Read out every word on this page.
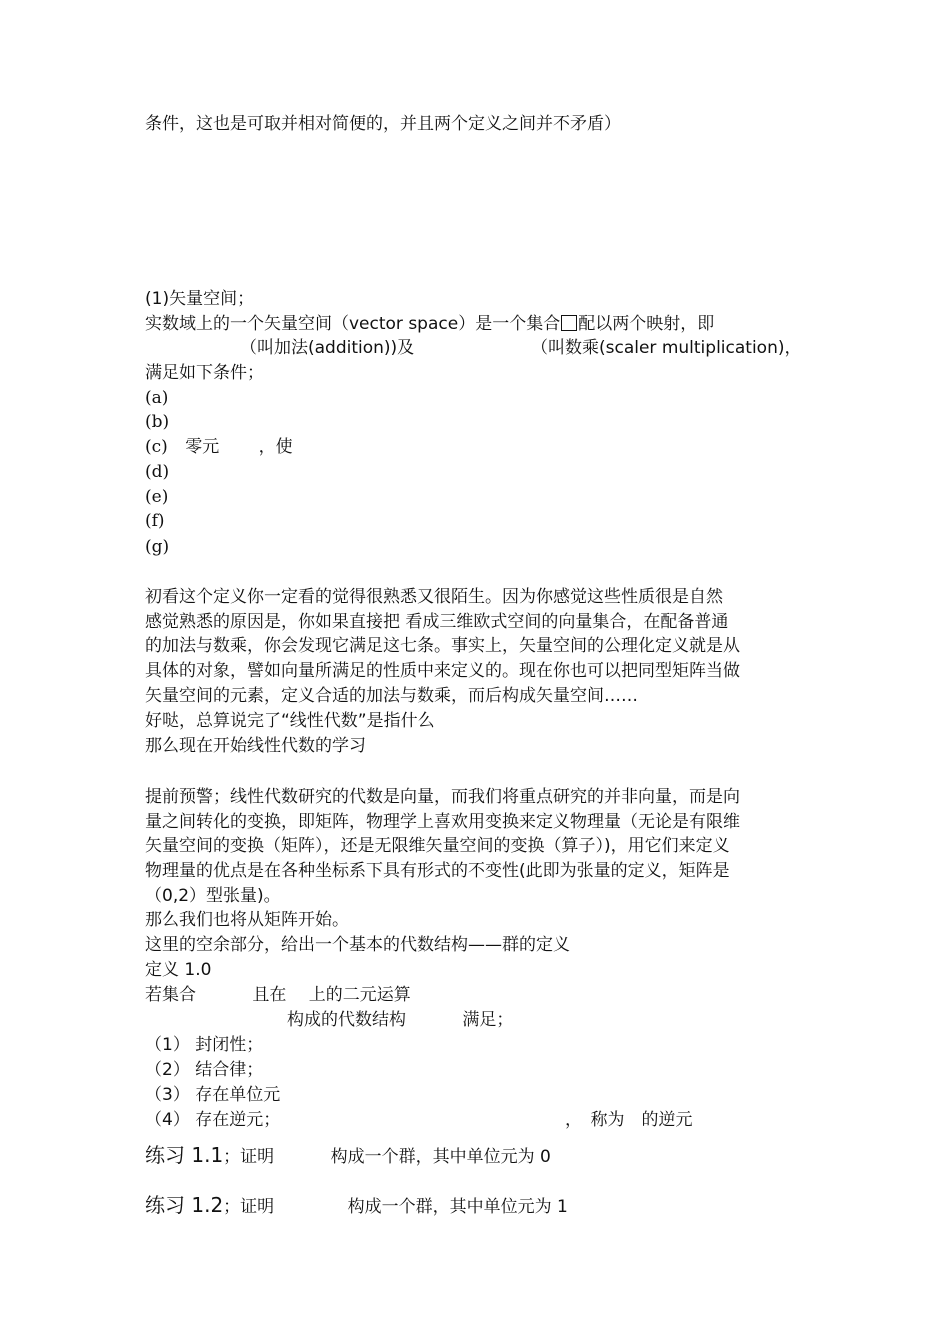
条件，这也是可取并相对简便的，并且两个定义之间并不矛盾）
(1)矢量空间；
实数域上的一个矢量空间（vector space）是一个集合 配以两个映射，即
（叫加法(addition))及	（叫数乘(scaler multiplication)，
满足如下条件；
(a)
(b)
(c) 零元 　　，使
(d)
(e)
(f)
(g)
初看这个定义你一定看的觉得很熟悉又很陌生。因为你感觉这些性质很是自然
感觉熟悉的原因是，你如果直接把 看成三维欧式空间的向量集合，在配备普通
的加法与数乘，你会发现它满足这七条。事实上，矢量空间的公理化定义就是从
具体的对象，譬如向量所满足的性质中来定义的。现在你也可以把同型矩阵当做
矢量空间的元素，定义合适的加法与数乘，而后构成矢量空间……
好哒，总算说完了“线性代数”是指什么
那么现在开始线性代数的学习
提前预警；线性代数研究的代数是向量，而我们将重点研究的并非向量，而是向
量之间转化的变换，即矩阵，物理学上喜欢用变换来定义物理量（无论是有限维
矢量空间的变换（矩阵），还是无限维矢量空间的变换（算子）)，用它们来定义
物理量的优点是在各种坐标系下具有形式的不变性(此即为张量的定义，矩阵是
（0,2）型张量)。
那么我们也将从矩阵开始。
这里的空余部分，给出一个基本的代数结构——群的定义
定义 1.0
若集合 　　　且在 　上的二元运算
构成的代数结构 　　　满足；
（1） 封闭性；
（2） 结合律；
（3） 存在单位元
（4） 存在逆元；	，　称为　的逆元
练习 1.1；证明 　　　构成一个群，其中单位元为 0
练习 1.2；证明 　　　　构成一个群，其中单位元为 1
